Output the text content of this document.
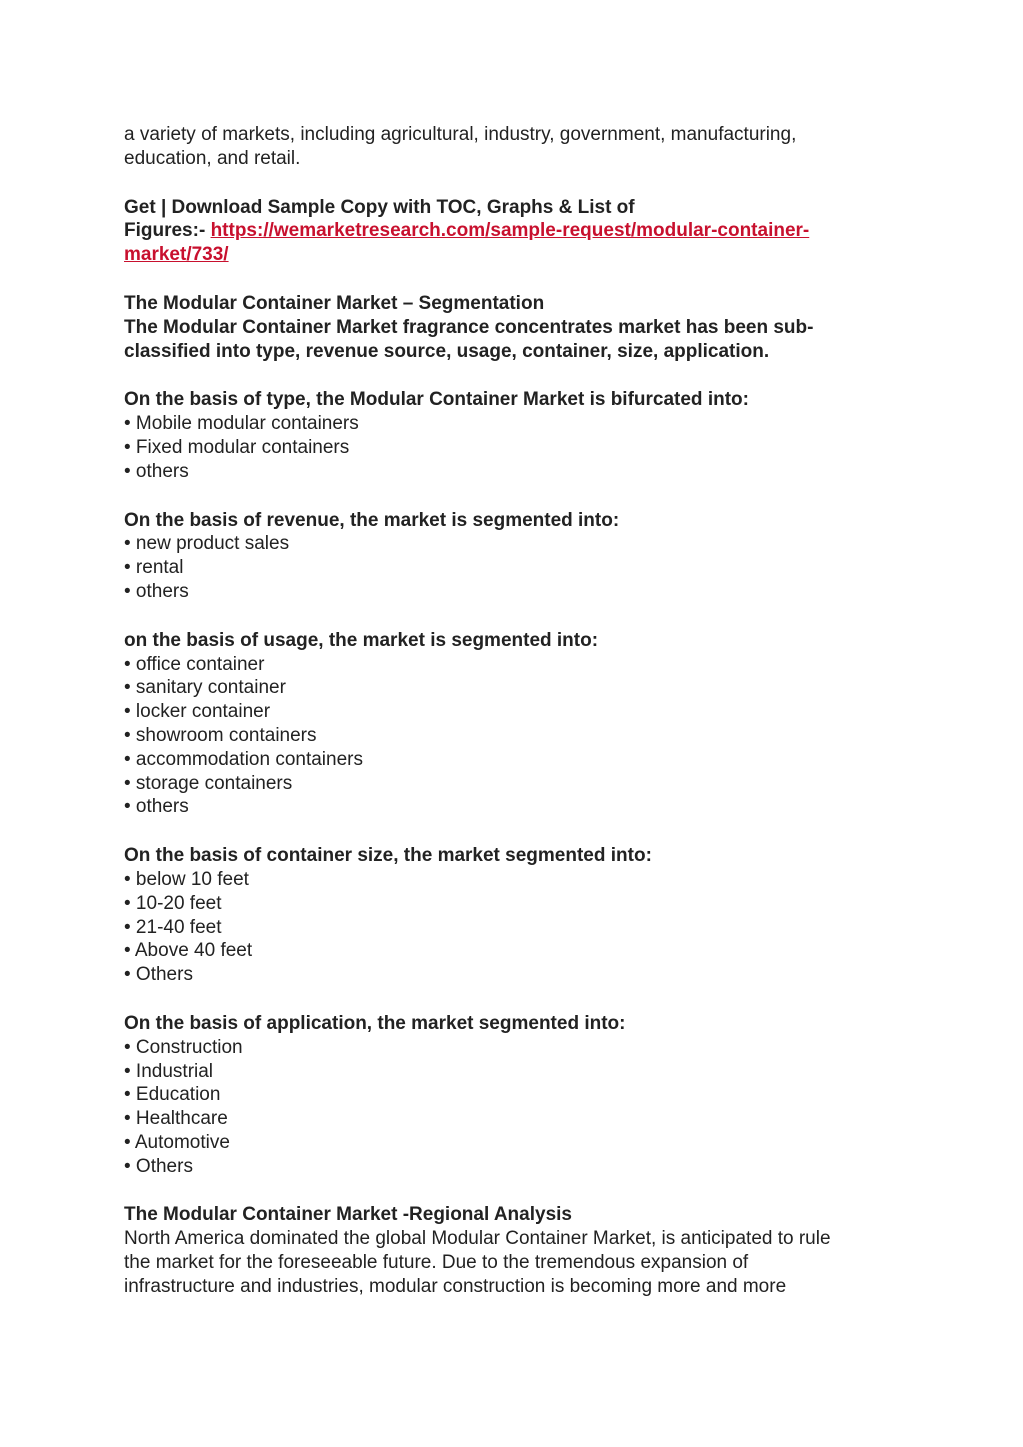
a variety of markets, including agricultural, industry, government, manufacturing,

education, and retail.

Get | Download Sample Copy with TOC, Graphs & List of

Figures:- https://wemarketresearch.com/sample-request/modular-container-

market/733/

The Modular Container Market – Segmentation

The Modular Container Market fragrance concentrates market has been sub-

classified into type, revenue source, usage, container, size, application.

On the basis of type, the Modular Container Market is bifurcated into:

• Mobile modular containers

• Fixed modular containers

• others

On the basis of revenue, the market is segmented into:

• new product sales

• rental

• others

on the basis of usage, the market is segmented into:

• office container

• sanitary container

• locker container

• showroom containers

• accommodation containers

• storage containers

• others

On the basis of container size, the market segmented into:

• below 10 feet

• 10-20 feet

• 21-40 feet

• Above 40 feet

• Others

On the basis of application, the market segmented into:

• Construction

• Industrial

• Education

• Healthcare

• Automotive

• Others

The Modular Container Market -Regional Analysis

North America dominated the global Modular Container Market, is anticipated to rule

the market for the foreseeable future. Due to the tremendous expansion of

infrastructure and industries, modular construction is becoming more and more
